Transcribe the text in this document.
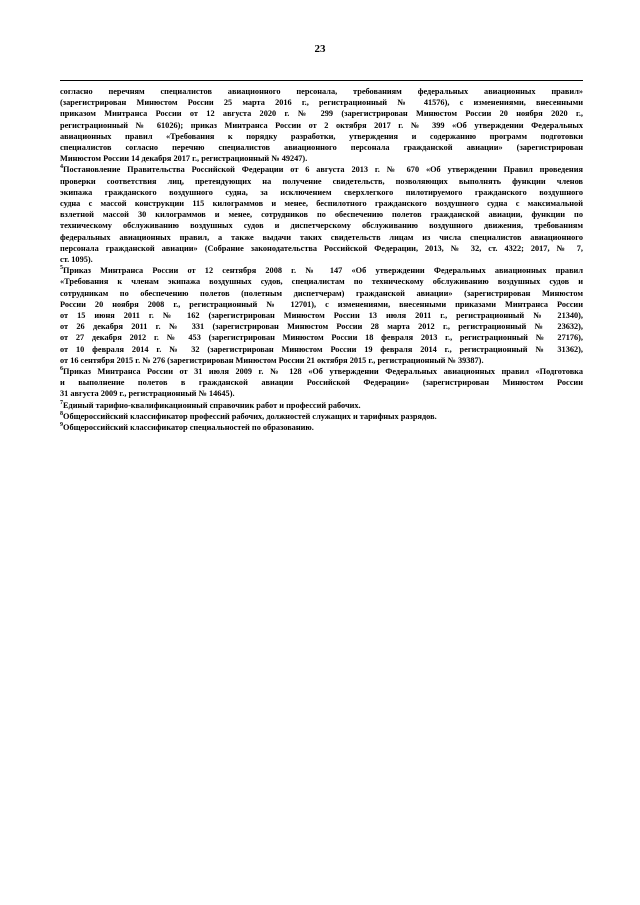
23
согласно перечням специалистов авиационного персонала, требованиям федеральных авиационных правил»
(зарегистрирован Минюстом России 25 марта 2016 г., регистрационный № 41576), с изменениями, внесенными
приказом Минтранса России от 12 августа 2020 г. № 299 (зарегистрирован Минюстом России 20 ноября 2020 г.,
регистрационный № 61026); приказ Минтранса России от 2 октября 2017 г. № 399 «Об утверждении Федеральных
авиационных правил «Требования к порядку разработки, утверждения и содержанию программ подготовки
специалистов согласно перечню специалистов авиационного персонала гражданской авиации» (зарегистрирован
Минюстом России 14 декабря 2017 г., регистрационный № 49247).
$^4$Постановление Правительства Российской Федерации от 6 августа 2013 г. № 670 «Об утверждении Правил проведения
проверки соответствия лиц, претендующих на получение свидетельств, позволяющих выполнять функции членов
экипажа гражданского воздушного судна, за исключением сверхлегкого пилотируемого гражданского воздушного
судна с массой конструкции 115 килограммов и менее, беспилотного гражданского воздушного судна с максимальной
взлетной массой 30 килограммов и менее, сотрудников по обеспечению полетов гражданской авиации, функции по
техническому обслуживанию воздушных судов и диспетчерскому обслуживанию воздушного движения, требованиям
федеральных авиационных правил, а также выдачи таких свидетельств лицам из числа специалистов авиационного
персонала гражданской авиации» (Собрание законодательства Российской Федерации, 2013, № 32, ст. 4322; 2017, № 7,
ст. 1095).
$^5$Приказ Минтранса России от 12 сентября 2008 г. № 147 «Об утверждении Федеральных авиационных правил
«Требования к членам экипажа воздушных судов, специалистам по техническому обслуживанию воздушных судов и
сотрудникам по обеспечению полетов (полетным диспетчерам) гражданской авиации» (зарегистрирован Минюстом
России 20 ноября 2008 г., регистрационный № 12701), с изменениями, внесенными приказами Минтранса России
от 15 июня 2011 г. № 162 (зарегистрирован Минюстом России 13 июля 2011 г., регистрационный № 21340),
от 26 декабря 2011 г. № 331 (зарегистрирован Минюстом России 28 марта 2012 г., регистрационный № 23632),
от 27 декабря 2012 г. № 453 (зарегистрирован Минюстом России 18 февраля 2013 г., регистрационный № 27176),
от 10 февраля 2014 г. № 32 (зарегистрирован Минюстом России 19 февраля 2014 г., регистрационный № 31362),
от 16 сентября 2015 г. № 276 (зарегистрирован Минюстом России 21 октября 2015 г., регистрационный № 39387).
$^6$Приказ Минтранса России от 31 июля 2009 г. № 128 «Об утверждении Федеральных авиационных правил «Подготовка
и выполнение полетов в гражданской авиации Российской Федерации» (зарегистрирован Минюстом России
31 августа 2009 г., регистрационный № 14645).
$^7$Единый тарифно-квалификационный справочник работ и профессий рабочих.
$^8$Общероссийский классификатор профессий рабочих, должностей служащих и тарифных разрядов.
$^9$Общероссийский классификатор специальностей по образованию.
